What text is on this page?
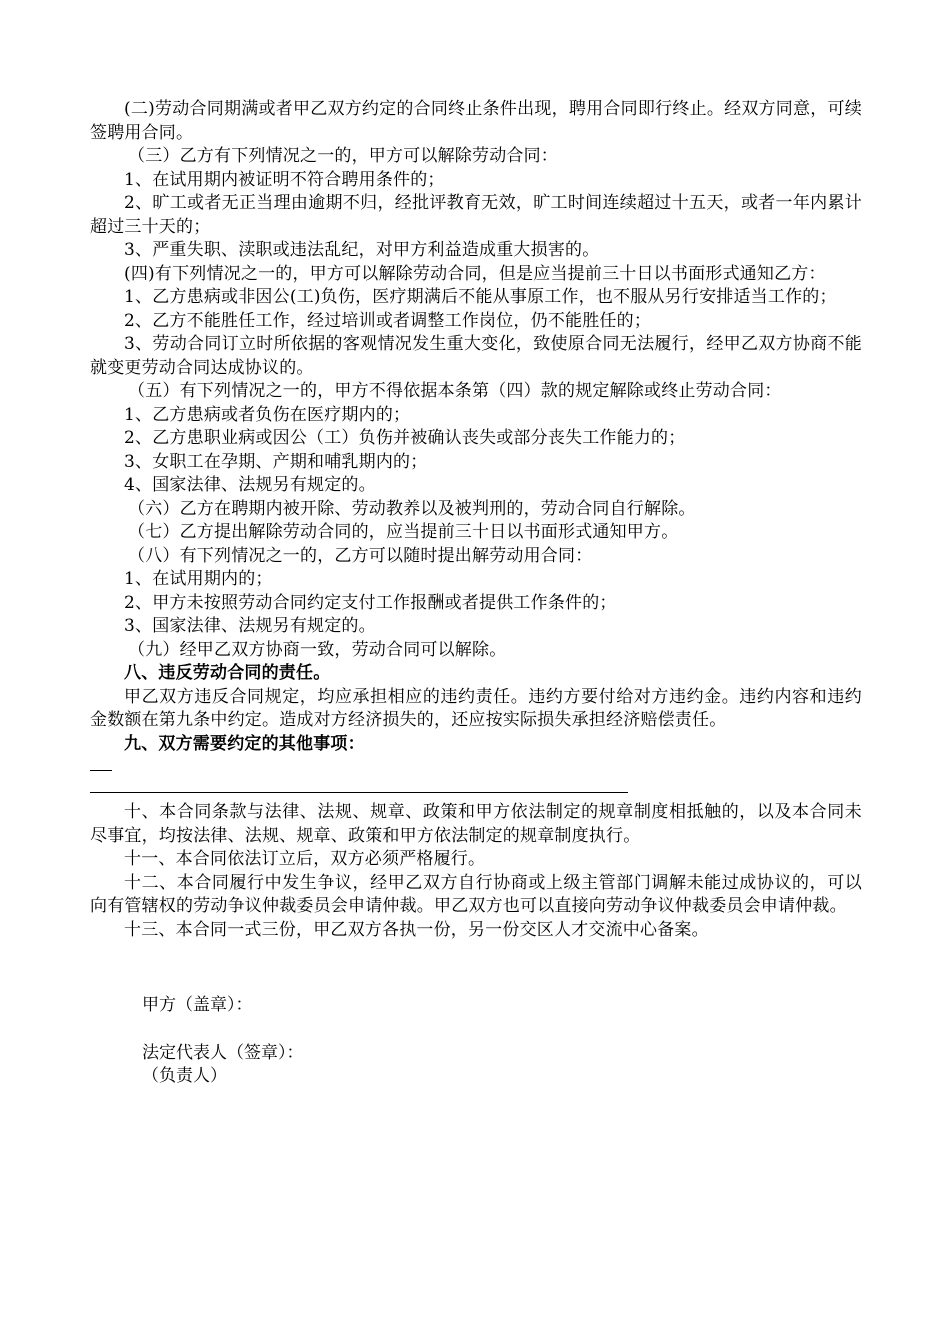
(二)劳动合同期满或者甲乙双方约定的合同终止条件出现，聘用合同即行终止。经双方同意，可续签聘用合同。

（三）乙方有下列情况之一的，甲方可以解除劳动合同：

1、在试用期内被证明不符合聘用条件的；

2、旷工或者无正当理由逾期不归，经批评教育无效，旷工时间连续超过十五天，或者一年内累计超过三十天的；

3、严重失职、渎职或违法乱纪，对甲方利益造成重大损害的。

(四)有下列情况之一的，甲方可以解除劳动合同，但是应当提前三十日以书面形式通知乙方：

1、乙方患病或非因公(工)负伤，医疗期满后不能从事原工作，也不服从另行安排适当工作的；

2、乙方不能胜任工作，经过培训或者调整工作岗位，仍不能胜任的；

3、劳动合同订立时所依据的客观情况发生重大变化，致使原合同无法履行，经甲乙双方协商不能就变更劳动合同达成协议的。

（五）有下列情况之一的，甲方不得依据本条第（四）款的规定解除或终止劳动合同：

1、乙方患病或者负伤在医疗期内的；

2、乙方患职业病或因公（工）负伤并被确认丧失或部分丧失工作能力的；

3、女职工在孕期、产期和哺乳期内的；

4、国家法律、法规另有规定的。

（六）乙方在聘期内被开除、劳动教养以及被判刑的，劳动合同自行解除。

（七）乙方提出解除劳动合同的，应当提前三十日以书面形式通知甲方。

（八）有下列情况之一的，乙方可以随时提出解劳动用合同：

1、在试用期内的；

2、甲方未按照劳动合同约定支付工作报酬或者提供工作条件的；

3、国家法律、法规另有规定的。

（九）经甲乙双方协商一致，劳动合同可以解除。

八、违反劳动合同的责任。

甲乙双方违反合同规定，均应承担相应的违约责任。违约方要付给对方违约金。违约内容和违约金数额在第九条中约定。造成对方经济损失的，还应按实际损失承担经济赔偿责任。

九、双方需要约定的其他事项：

十、本合同条款与法律、法规、规章、政策和甲方依法制定的规章制度相抵触的，以及本合同未尽事宜，均按法律、法规、规章、政策和甲方依法制定的规章制度执行。

十一、本合同依法订立后，双方必须严格履行。

十二、本合同履行中发生争议，经甲乙双方自行协商或上级主管部门调解未能过成协议的，可以向有管辖权的劳动争议仲裁委员会申请仲裁。甲乙双方也可以直接向劳动争议仲裁委员会申请仲裁。

十三、本合同一式三份，甲乙双方各执一份，另一份交区人才交流中心备案。

甲方（盖章）：

法定代表人（签章）：

（负责人）
